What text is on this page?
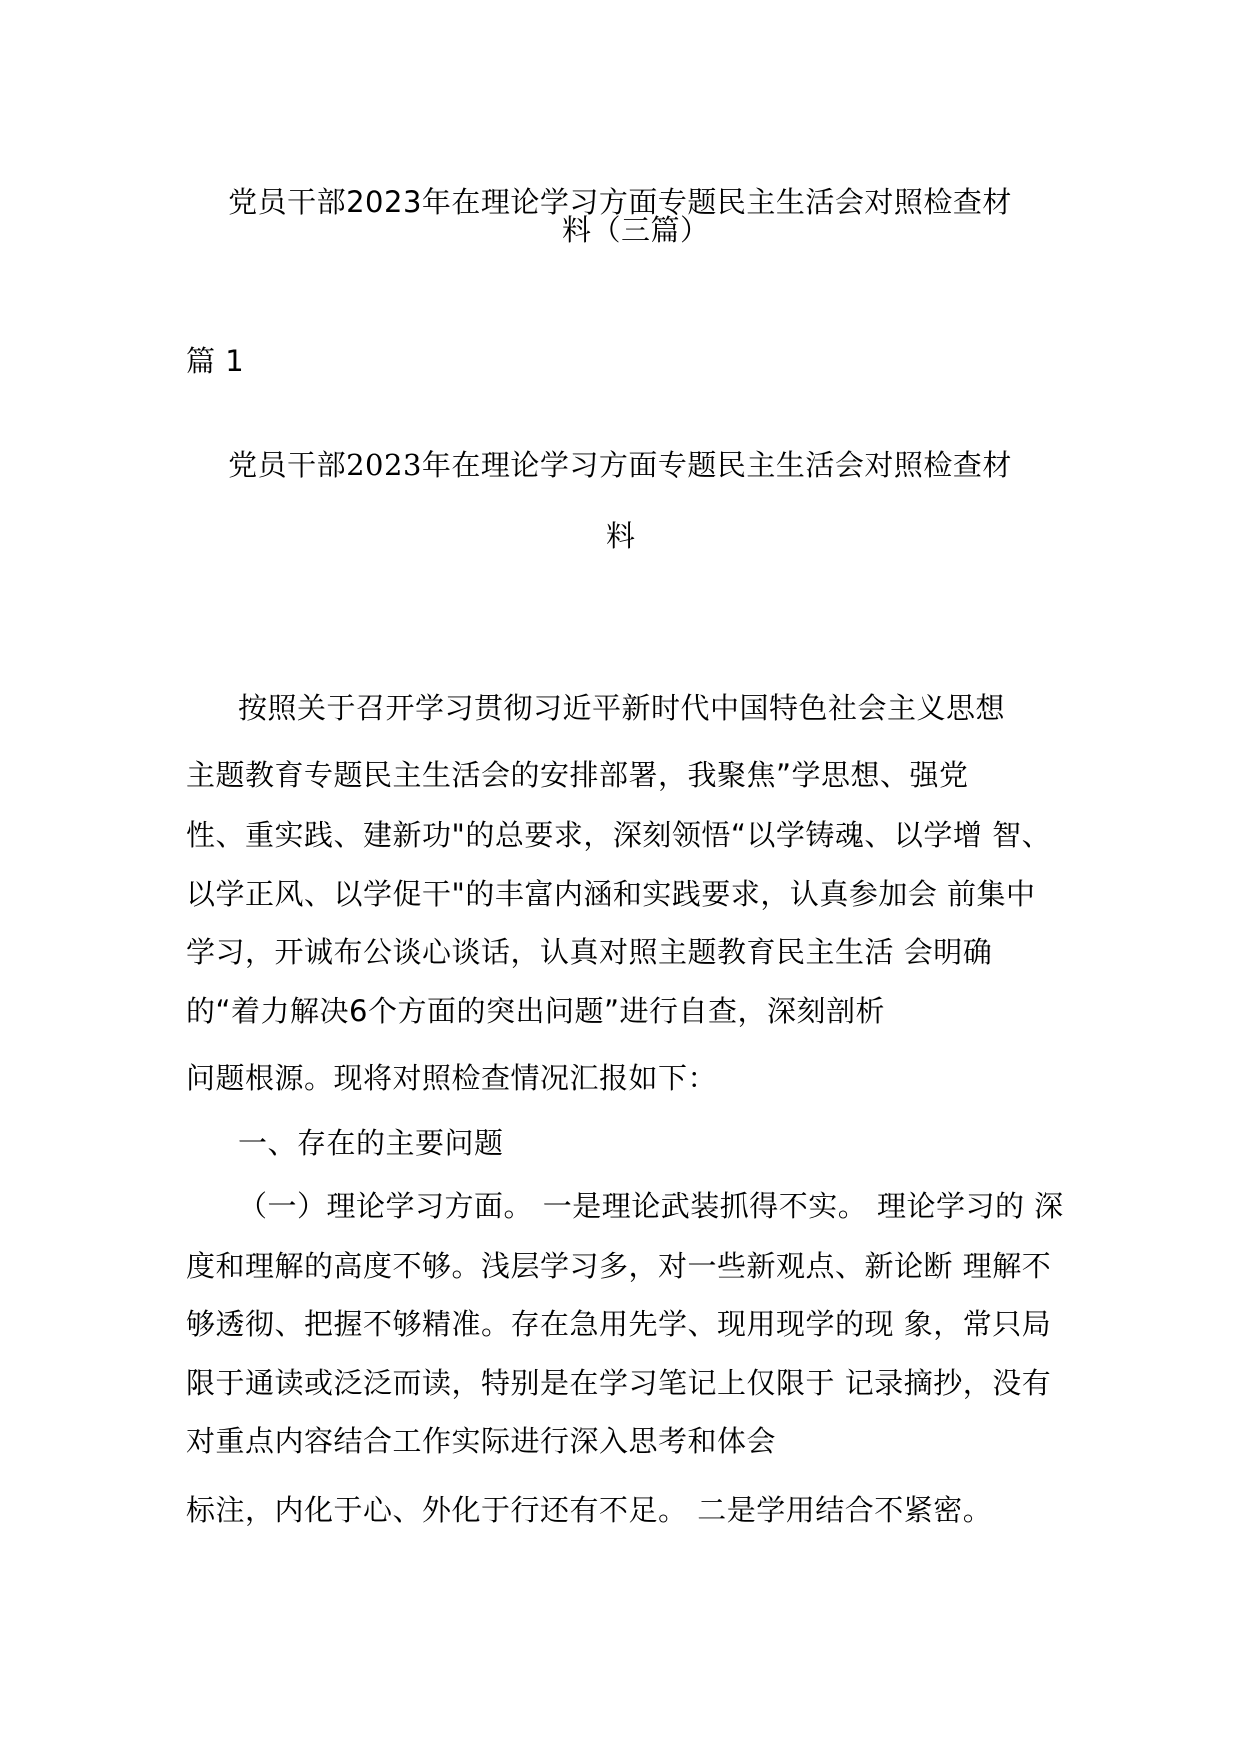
党员干部2023年在理论学习方面专题民主生活会对照检查材
料（三篇）
篇 1
党员干部2023年在理论学习方面专题民主生活会对照检查材
料
按照关于召开学习贯彻习近平新时代中国特色社会主义思想
主题教育专题民主生活会的安排部署，我聚焦”学思想、强党
性、重实践、建新功"的总要求，深刻领悟“以学铸魂、以学增 智、
以学正风、以学促干"的丰富内涵和实践要求，认真参加会 前集中
学习，开诚布公谈心谈话，认真对照主题教育民主生活 会明确
的“着力解决6个方面的突出问题”进行自查，深刻剖析
问题根源。现将对照检查情况汇报如下：
一、存在的主要问题
（一）理论学习方面。 一是理论武装抓得不实。 理论学习的 深
度和理解的高度不够。浅层学习多，对一些新观点、新论断 理解不
够透彻、把握不够精准。存在急用先学、现用现学的现 象，常只局
限于通读或泛泛而读，特别是在学习笔记上仅限于 记录摘抄，没有
对重点内容结合工作实际进行深入思考和体会
标注，内化于心、外化于行还有不足。 二是学用结合不紧密。
